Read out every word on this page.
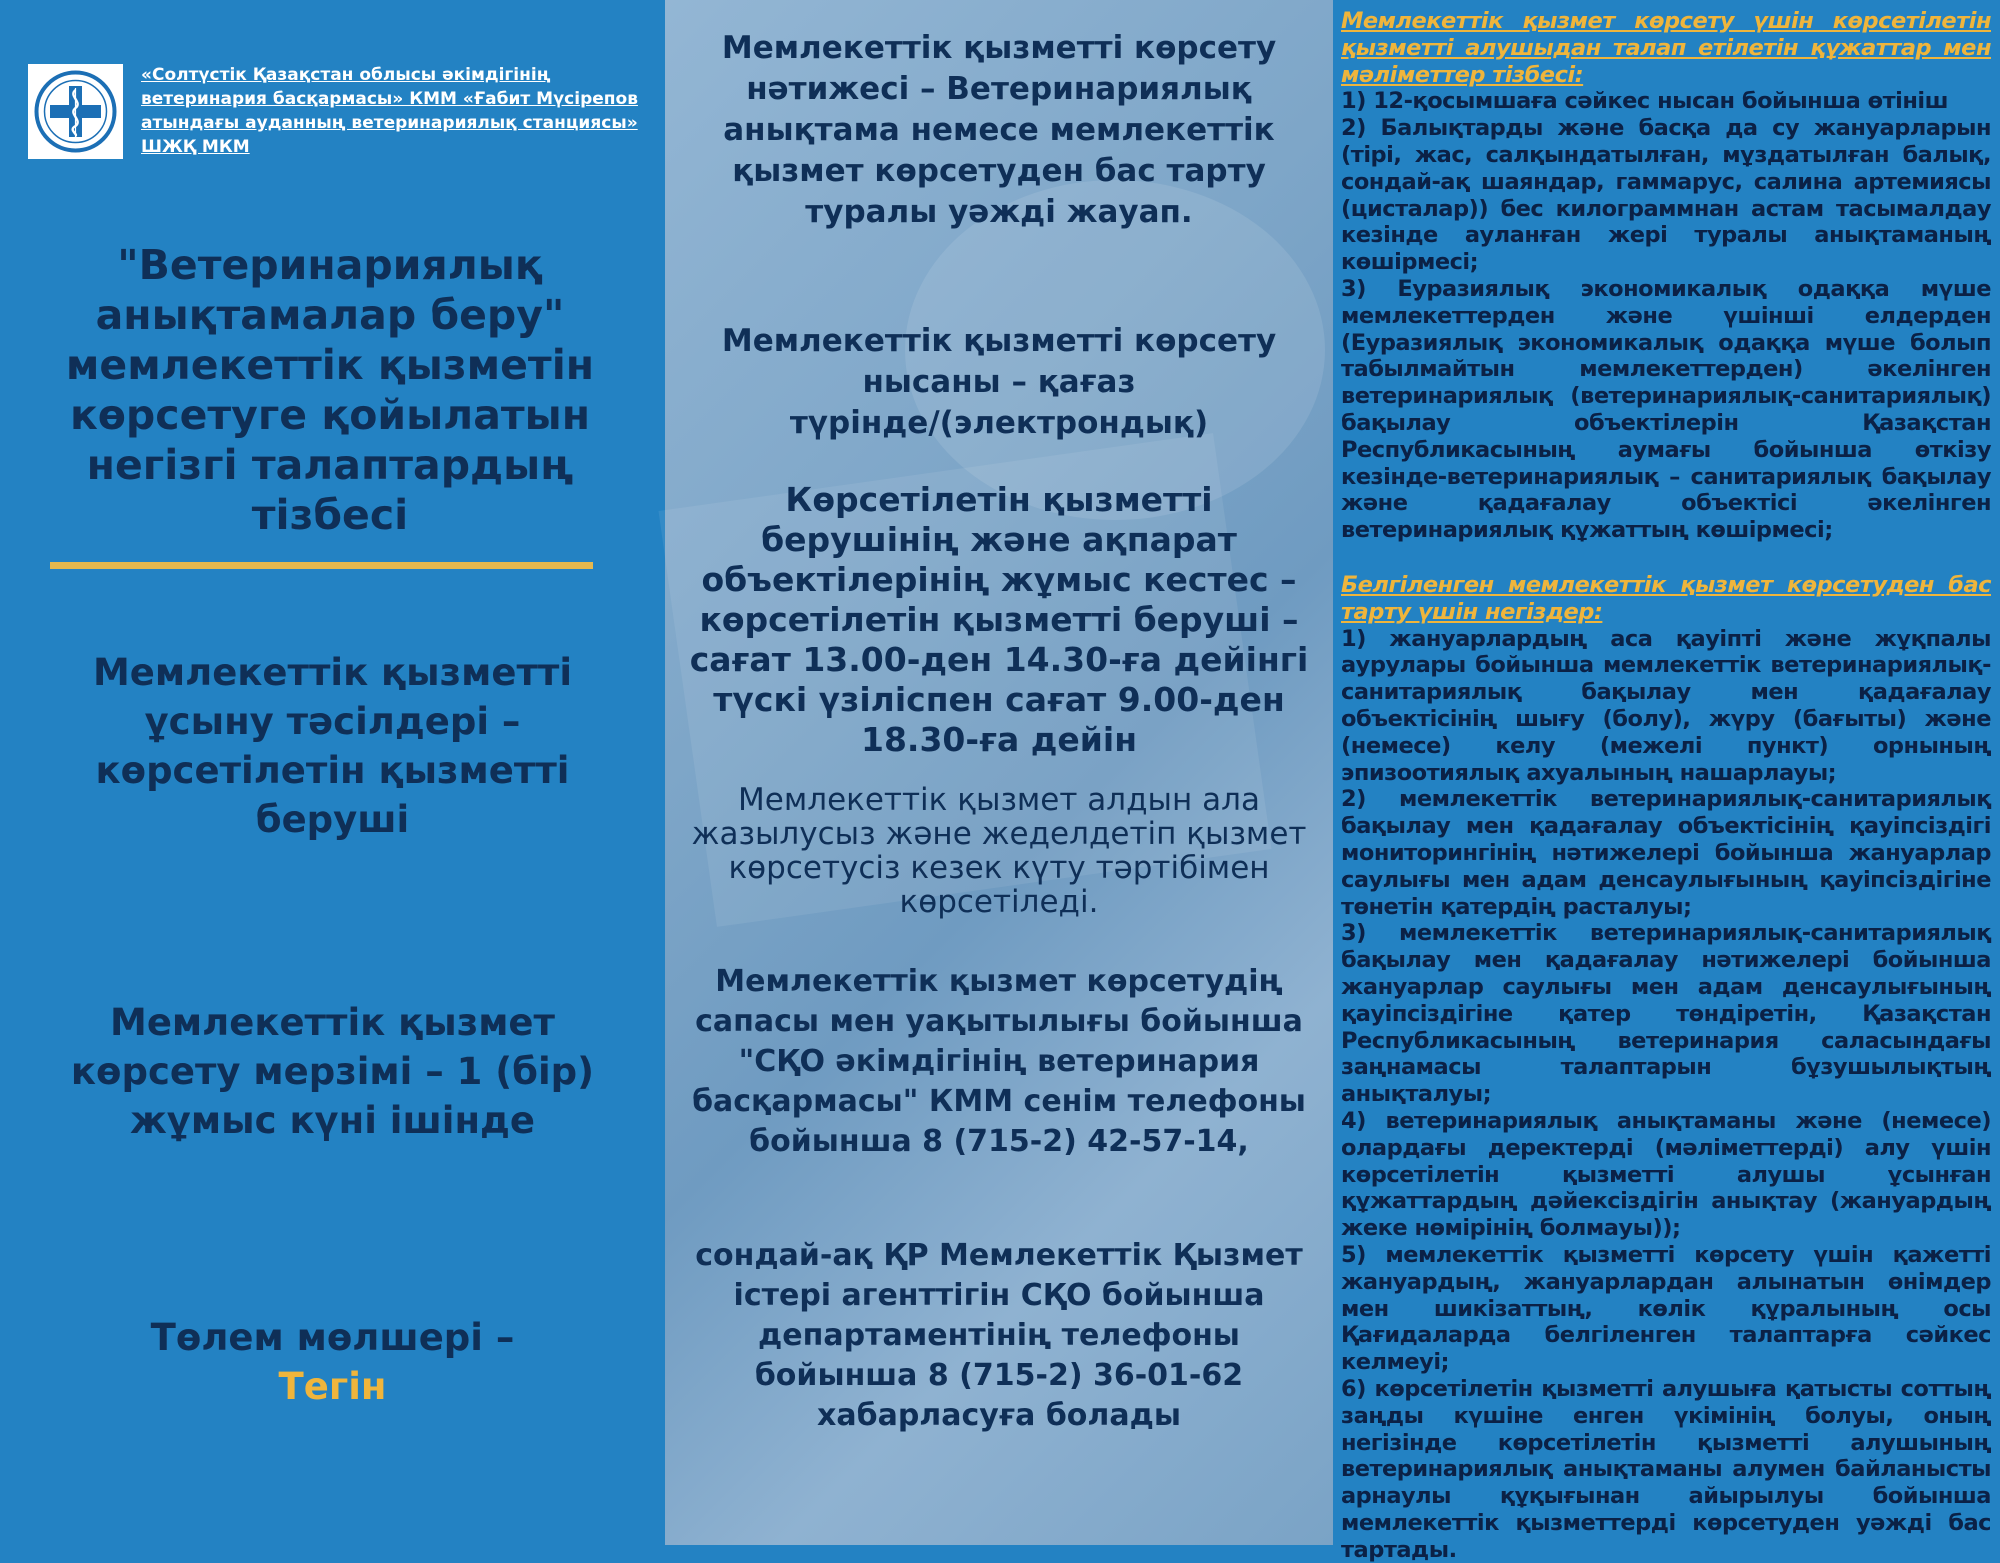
«Солтүстік Қазақстан облысы әкімдігінің ветеринария басқармасы» КММ «Ғабит Мүсірепов атындағы ауданның ветеринариялық станциясы» ШЖҚ МКМ
"Ветеринариялық анықтамалар беру" мемлекеттік қызметін көрсетуге қойылатын негізгі талаптардың тізбесі
Мемлекеттік қызметті ұсыну тәсілдері – көрсетілетін қызметті беруші
Мемлекеттік қызмет көрсету мерзімі – 1 (бір) жұмыс күні ішінде
Төлем мөлшері –
Тегін
Мемлекеттік қызметті көрсету нәтижесі – Ветеринариялық анықтама немесе мемлекеттік қызмет көрсетуден бас тарту туралы уәжді жауап.
Мемлекеттік қызметті көрсету нысаны – қағаз түрінде/(электрондық)
Көрсетілетін қызметті берушінің және ақпарат объектілерінің жұмыс кестес – көрсетілетін қызметті беруші – сағат 13.00-ден 14.30-ға дейінгі түскі үзіліспен сағат 9.00-ден 18.30-ға дейін
Мемлекеттік қызмет алдын ала жазылусыз және жеделдетіп қызмет көрсетусіз кезек күту тәртібімен көрсетіледі.
Мемлекеттік қызмет көрсетудің сапасы мен уақытылығы бойынша "СҚО әкімдігінің ветеринария басқармасы" КММ сенім телефоны бойынша 8 (715-2) 42-57-14,
сондай-ақ ҚР Мемлекеттік Қызмет істері агенттігін СҚО бойынша департаментінің телефоны бойынша 8 (715-2) 36-01-62 хабарласуға болады
Мемлекеттік қызмет көрсету үшін көрсетілетін қызметті алушыдан талап етілетін құжаттар мен мәліметтер тізбесі:
1) 12-қосымшаға сәйкес нысан бойынша өтініш
2) Балықтарды және басқа да су жануарларын (тірі, жас, салқындатылған, мұздатылған балық, сондай-ақ шаяндар, гаммарус, салина артемиясы (цисталар)) бес килограммнан астам тасымалдау кезінде ауланған жері туралы анықтаманың көшірмесі;
3) Еуразиялық экономикалық одаққа мүше мемлекеттерден және үшінші елдерден (Еуразиялық экономикалық одаққа мүше болып табылмайтын мемлекеттерден) әкелінген ветеринариялық (ветеринариялық-санитариялық) бақылау объектілерін Қазақстан Республикасының аумағы бойынша өткізу кезінде-ветеринариялық – санитариялық бақылау және қадағалау объектісі әкелінген ветеринариялық құжаттың көшірмесі;
Белгіленген мемлекеттік қызмет көрсетуден бас тарту үшін негіздер:
1) жануарлардың аса қауіпті және жұқпалы аурулары бойынша мемлекеттік ветеринариялық-санитариялық бақылау мен қадағалау объектісінің шығу (болу), жүру (бағыты) және (немесе) келу (межелі пункт) орнының эпизоотиялық ахуалының нашарлауы;
2) мемлекеттік ветеринариялық-санитариялық бақылау мен қадағалау объектісінің қауіпсіздігі мониторингінің нәтижелері бойынша жануарлар саулығы мен адам денсаулығының қауіпсіздігіне төнетін қатердің расталуы;
3) мемлекеттік ветеринариялық-санитариялық бақылау мен қадағалау нәтижелері бойынша жануарлар саулығы мен адам денсаулығының қауіпсіздігіне қатер төндіретін, Қазақстан Республикасының ветеринария саласындағы заңнамасы талаптарын бұзушылықтың анықталуы;
4) ветеринариялық анықтаманы және (немесе) олардағы деректерді (мәліметтерді) алу үшін көрсетілетін қызметті алушы ұсынған құжаттардың дәйексіздігін анықтау (жануардың жеке нөмірінің болмауы));
5) мемлекеттік қызметті көрсету үшін қажетті жануардың, жануарлардан алынатын өнімдер мен шикізаттың, көлік құралының осы Қағидаларда белгіленген талаптарға сәйкес келмеуі;
6) көрсетілетін қызметті алушыға қатысты соттың заңды күшіне енген үкімінің болуы, оның негізінде көрсетілетін қызметті алушының ветеринариялық анықтаманы алумен байланысты арнаулы құқығынан айырылуы бойынша мемлекеттік қызметтерді көрсетуден уәжді бас тартады.
